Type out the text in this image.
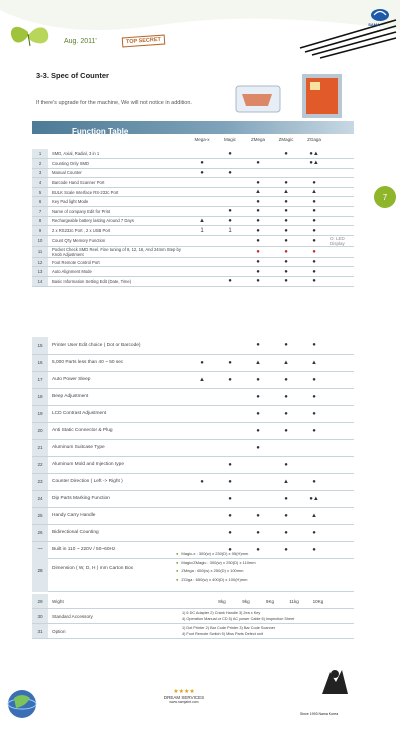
Aug. 2011'	TOP SECRET
SAMA
3-3. Spec of Counter
If there's upgrade for the machine, We will not notice in addition.
7
Function Table
Mega-x	Magic	ZMega	ZMagic	ZGaga
1	SMD, Axial, Radial, 3 in 1		●		●	●▲	
2	Counting Only SMD	●		●		●▲	
3	Manual Counter	●	●				
4	Barcode Hand Scanner Port			●	●	●	
5	BULK Scale Interface RS-232c Port			▲	▲	▲	
6	Key Pad light Mode			●	●	●	
7	Name of company Edit for Print		●	●	●	●	
8	Rechargeable battery lasting Around 7 Days	▲	●	●	●	●	
9	2 x RS232c Port , 2 x USB Port	1	1	●	●	●	
10	Count Q'ty Memory Function			●	●	●	O: LED Display
11	Pocket Check SMD Reel. Fine tuning of 8, 12, 16, And 24mm Step by Knob Adjustment			●	●	●	
12	Foot Remote Control Port			●	●	●	
13	Auto Alignment Mode			●	●	●	
14	Basic Information Setting Edit (Date, Time)		●	●	●	●	
15	Printer User Edit choice ( Dot or Barcode)			●	●	●	
16	5,000 Parts less than 40 ~ 50 sec	●	●	▲	▲	▲	
17	Auto Power Sleep	▲	●	●	●	●	
18	Beep Adjustment			●	●	●	
19	LCD Contrast Adjustment			●	●	●	
20	Anti Static Connector & Plug			●	●	●	
21	Aluminum Suitcase Type			●			
22	Aluminum Mold and Injection type		●		●		
23	Counter Direction ( Left -> Right )	●	●		▲	●	
24	Dip Parts Marking Function		●		●	●▲	
25	Handy Carry Handle		●	●	●	▲	
26	Bidirectional Counting		●	●	●	●	
	Built in 110 ~ 220V / 50~60Hz		●	●	●	●	
28	Dimension ( W, D, H ) mm Carton Box
● Magic-x : 300(w) x 230(D) x 95(H)mm
● Magic/ZMagic : 300(w) x 250(D) x 110mm
● ZMega : 650(w) x 250(D) x 100mm
● ZGiga : 650(w) x 400(D) x 100(H)mm
29	Wight	8kg	9kg	9Kg	11kg	10Kg
30	Standard Accessory
1) 6 DC Adapter 2) Crank Handle 3) 2ea x Key
4) Operation Manual or CD 5) AC power Cable 6) Inspection Sheet
31	Option
1) Dot Printer 2) Bar Code Printer 3) Bar Code Scanner
4) Foot Remote Switch 5) Miss Parts Defect unit
★★★★
DREAM SERVICES
www.namjaint.com
Since 1993 Nama Korea
